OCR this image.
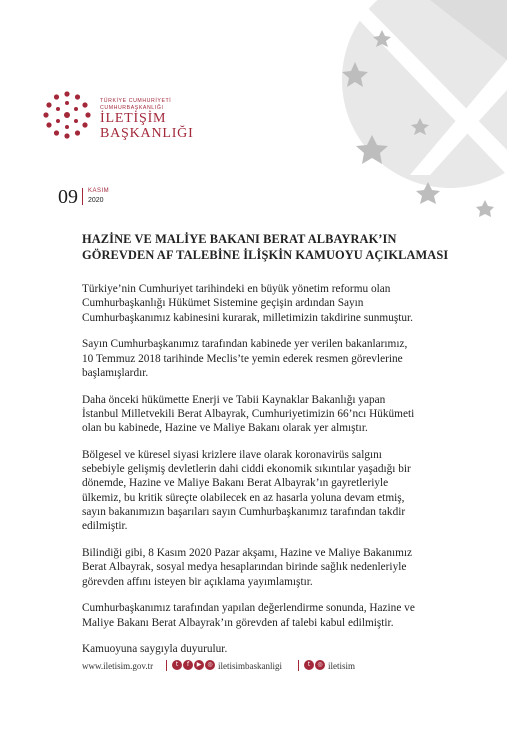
TÜRKİYE CUMHURİYETİ
CUMHURBAŞKANLIĞI
İLETİŞİM
BAŞKANLIĞI
09 KASIM
2020
HAZİNE VE MALİYE BAKANI BERAT ALBAYRAK’IN
GÖREVDEN AF TALEBİNE İLİŞKİN KAMUOYU AÇIKLAMASI
Türkiye’nin Cumhuriyet tarihindeki en büyük yönetim reformu olan
Cumhurbaşkanlığı Hükümet Sistemine geçişin ardından Sayın
Cumhurbaşkanımız kabinesini kurarak, milletimizin takdirine sunmuştur.
Sayın Cumhurbaşkanımız tarafından kabinede yer verilen bakanlarımız,
10 Temmuz 2018 tarihinde Meclis’te yemin ederek resmen görevlerine
başlamışlardır.
Daha önceki hükümette Enerji ve Tabii Kaynaklar Bakanlığı yapan
İstanbul Milletvekili Berat Albayrak, Cumhuriyetimizin 66’ncı Hükümeti
olan bu kabinede, Hazine ve Maliye Bakanı olarak yer almıştır.
Bölgesel ve küresel siyasi krizlere ilave olarak koronavirüs salgını
sebebiyle gelişmiş devletlerin dahi ciddi ekonomik sıkıntılar yaşadığı bir
dönemde, Hazine ve Maliye Bakanı Berat Albayrak’ın gayretleriyle
ülkemiz, bu kritik süreçte olabilecek en az hasarla yoluna devam etmiş,
sayın bakanımızın başarıları sayın Cumhurbaşkanımız tarafından takdir
edilmiştir.
Bilindiği gibi, 8 Kasım 2020 Pazar akşamı, Hazine ve Maliye Bakanımız
Berat Albayrak, sosyal medya hesaplarından birinde sağlık nedenleriyle
görevden affını isteyen bir açıklama yayımlamıştır.
Cumhurbaşkanımız tarafından yapılan değerlendirme sonunda, Hazine ve
Maliye Bakanı Berat Albayrak’ın görevden af talebi kabul edilmiştir.
Kamuoyuna saygıyla duyurulur.
www.iletisim.gov.tr	t	f	▶	◎ iletisimbaskanligi	t	◎ iletisim
